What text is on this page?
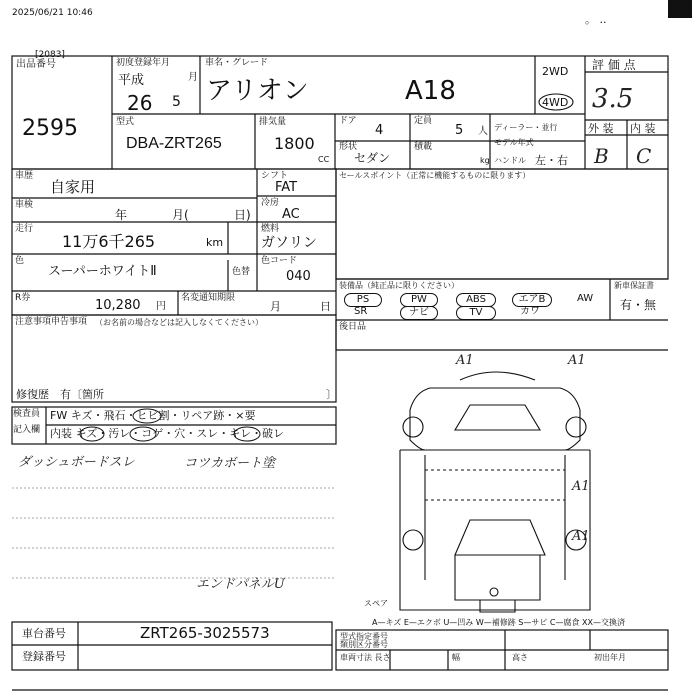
2025/06/21 10:46	。 ..
[2083]
出品番号
2595
初度登録年月
平成
26 5
月
車名・グレード
アリオン	A18
2WD
4WD
評 価 点
3.5
外 装 内 装
B C
型式
DBA-ZRT265
排気量
1800
CC
ドア
4
形状
セダン
定員
5 人
積載
kg
ディーラー・並行
モデル年式
ハンドル 左・右
車歴
自家用
車検
年	月(	日)
走行
11万6千265	km
色
スーパーホワイトⅡ	色替
R券	10,280 円
名変通知期限
月	日
シフト
FAT
冷房
AC
燃料
ガソリン
色コード
040
セールスポイント（正常に機能するものに限ります）
装備品（純正品に限りください）
PS	PW	ABS	エアB	AW
SR	ナビ	TV	カワ
新車保証書
有・無
後日品
注意事項申告事項 （お名前の場合などは記入しなくてください）
修復歴　有〔箇所	〕
検査員
記入欄
FW キズ・飛石・ヒビ割・リペア跡・×要
内装 キズ・汚レ・コゲ・穴・スレ・キレ・破レ
ダッシュボードスレ	コツカボート塗
エンドパネルU
A1	A1
A1
A1
スペア
A—キズ E—エクボ U—凹み W—補修跡 S—サビ C—腐食 XX—交換済
車台番号	ZRT265-3025573
登録番号
型式指定番号
類別区分番号
車両寸法 長さ	幅	高さ	初出年月
